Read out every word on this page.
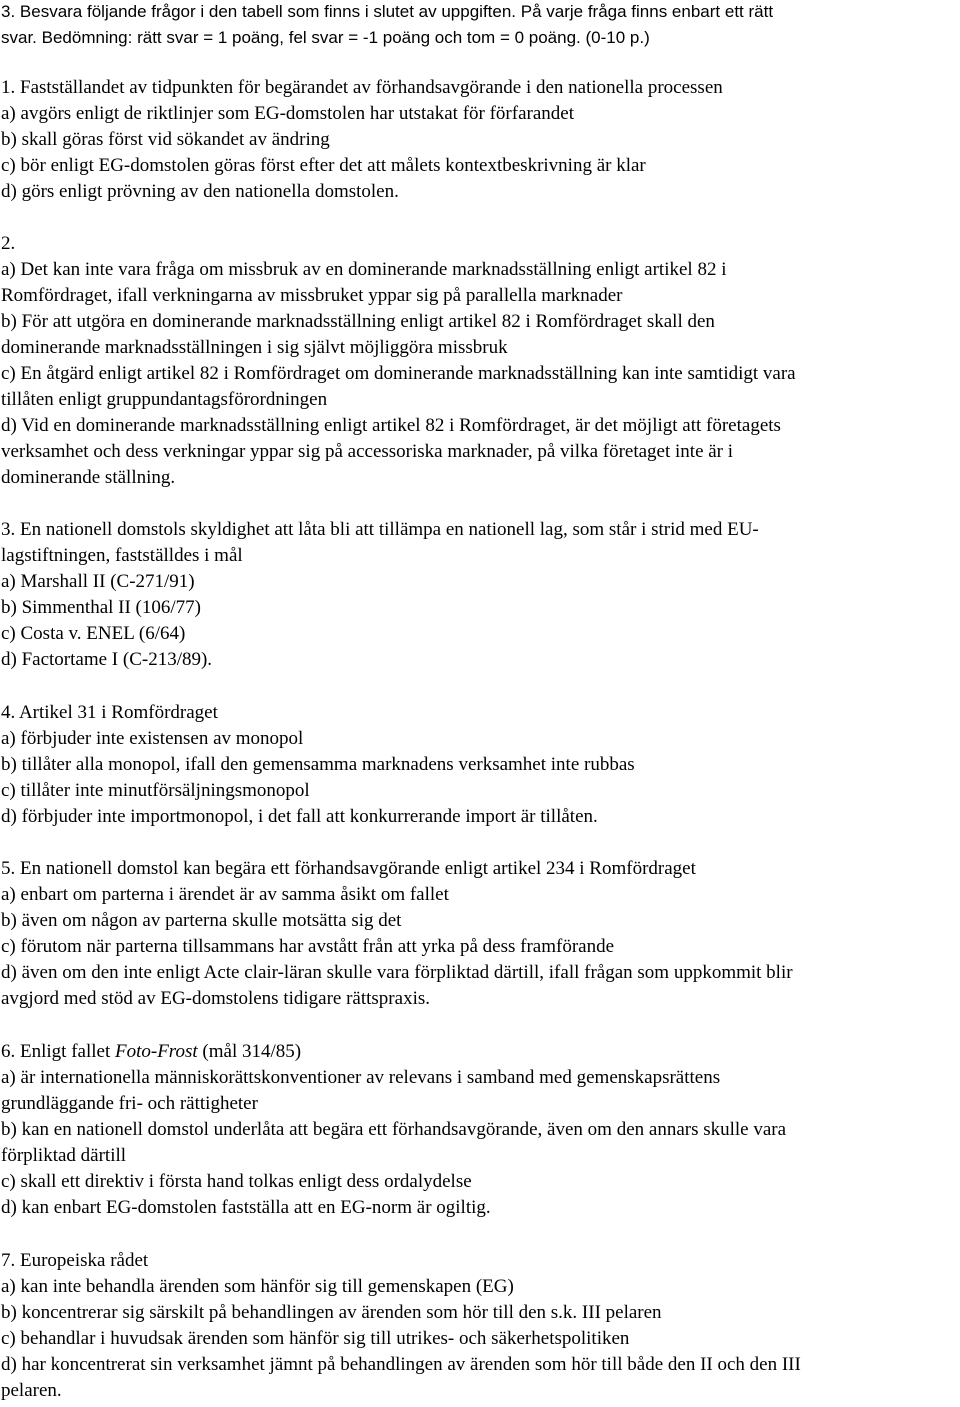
3. Besvara följande frågor i den tabell som finns i slutet av uppgiften. På varje fråga finns enbart ett rätt
svar. Bedömning: rätt svar = 1 poäng, fel svar = -1 poäng och tom = 0 poäng. (0-10 p.)
1. Fastställandet av tidpunkten för begärandet av förhandsavgörande i den nationella processen
a) avgörs enligt de riktlinjer som EG-domstolen har utstakat för förfarandet
b) skall göras först vid sökandet av ändring
c) bör enligt EG-domstolen göras först efter det att målets kontextbeskrivning är klar
d) görs enligt prövning av den nationella domstolen.
2.
a) Det kan inte vara fråga om missbruk av en dominerande marknadsställning enligt artikel 82 i
Romfördraget, ifall verkningarna av missbruket yppar sig på parallella marknader
b) För att utgöra en dominerande marknadsställning enligt artikel 82 i Romfördraget skall den
dominerande marknadsställningen i sig självt möjliggöra missbruk
c) En åtgärd enligt artikel 82 i Romfördraget om dominerande marknadsställning kan inte samtidigt vara
tillåten enligt gruppundantagsförordningen
d) Vid en dominerande marknadsställning enligt artikel 82 i Romfördraget, är det möjligt att företagets
verksamhet och dess verkningar yppar sig på accessoriska marknader, på vilka företaget inte är i
dominerande ställning.
3. En nationell domstols skyldighet att låta bli att tillämpa en nationell lag, som står i strid med EU-
lagstiftningen, fastställdes i mål
a) Marshall II (C-271/91)
b) Simmenthal II (106/77)
c) Costa v. ENEL (6/64)
d) Factortame I (C-213/89).
4. Artikel 31 i Romfördraget
a) förbjuder inte existensen av monopol
b) tillåter alla monopol, ifall den gemensamma marknadens verksamhet inte rubbas
c) tillåter inte minutförsäljningsmonopol
d) förbjuder inte importmonopol, i det fall att konkurrerande import är tillåten.
5. En nationell domstol kan begära ett förhandsavgörande enligt artikel 234 i Romfördraget
a) enbart om parterna i ärendet är av samma åsikt om fallet
b) även om någon av parterna skulle motsätta sig det
c) förutom när parterna tillsammans har avstått från att yrka på dess framförande
d) även om den inte enligt Acte clair-läran skulle vara förpliktad därtill, ifall frågan som uppkommit blir
avgjord med stöd av EG-domstolens tidigare rättspraxis.
6. Enligt fallet Foto-Frost (mål 314/85)
a) är internationella människorättskonventioner av relevans i samband med gemenskapsrättens
grundläggande fri- och rättigheter
b) kan en nationell domstol underlåta att begära ett förhandsavgörande, även om den annars skulle vara
förpliktad därtill
c) skall ett direktiv i första hand tolkas enligt dess ordalydelse
d) kan enbart EG-domstolen fastställa att en EG-norm är ogiltig.
7. Europeiska rådet
a) kan inte behandla ärenden som hänför sig till gemenskapen (EG)
b) koncentrerar sig särskilt på behandlingen av ärenden som hör till den s.k. III pelaren
c) behandlar i huvudsak ärenden som hänför sig till utrikes- och säkerhetspolitiken
d) har koncentrerat sin verksamhet jämnt på behandlingen av ärenden som hör till både den II och den III
pelaren.
